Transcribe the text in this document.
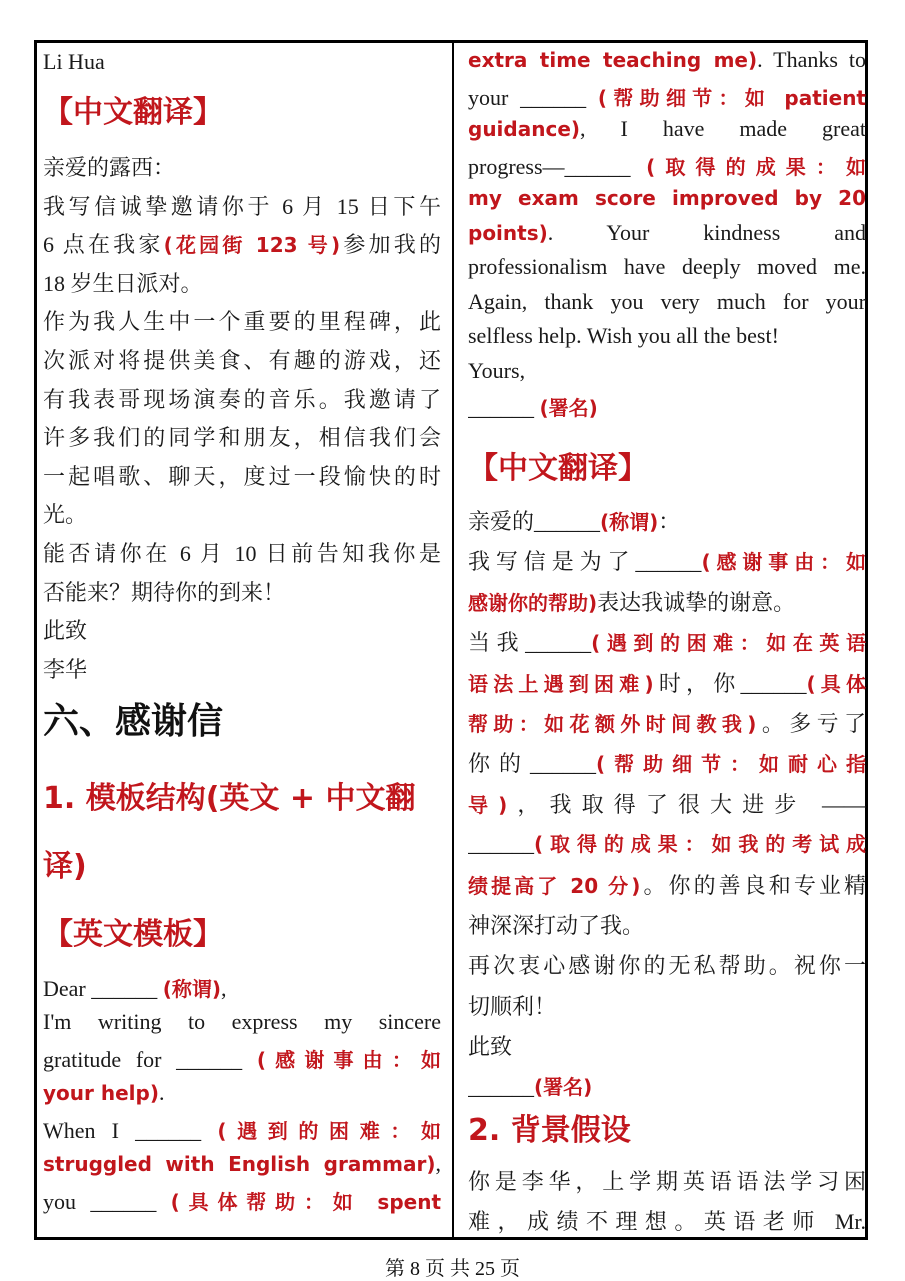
Li Hua

【中文翻译】

亲爱的露西：

我写信诚挚邀请你于 6 月 15 日下午

6 点在我家(花园街 123 号)参加我的

18 岁生日派对。

作为我人生中一个重要的里程碑，此

次派对将提供美食、有趣的游戏，还

有我表哥现场演奏的音乐。我邀请了

许多我们的同学和朋友，相信我们会

一起唱歌、聊天，度过一段愉快的时

光。

能否请你在 6 月 10 日前告知我你是

否能来？期待你的到来！

此致

李华

六、感谢信

1. 模板结构(英文 + 中文翻

译)

【英文模板】

Dear ______ (称谓),

I'm writing to express my sincere

gratitude for ______ (感谢事由：如

your help).

When I ______ (遇到的困难：如

struggled with English grammar),

you ______ (具体帮助：如 spent

extra time teaching me). Thanks to

your ______ (帮助细节：如 patient

guidance), I have made great

progress—______ (取得的成果：如

my exam score improved by 20

points). Your kindness and

professionalism have deeply moved me.

Again, thank you very much for your

selfless help. Wish you all the best!

Yours,

______ (署名)

【中文翻译】

亲爱的______(称谓)：

我写信是为了______(感谢事由：如

感谢你的帮助)表达我诚挚的谢意。

当我______(遇到的困难：如在英语

语法上遇到困难)时，你______(具体

帮助：如花额外时间教我)。多亏了

你的______(帮助细节：如耐心指

导)，我取得了很大进步 ——

______(取得的成果：如我的考试成

绩提高了 20 分)。你的善良和专业精

神深深打动了我。

再次衷心感谢你的无私帮助。祝你一

切顺利！

此致

______(署名)

2. 背景假设

你是李华，上学期英语语法学习困

难，成绩不理想。英语老师 Mr.

第 8 页 共 25 页
